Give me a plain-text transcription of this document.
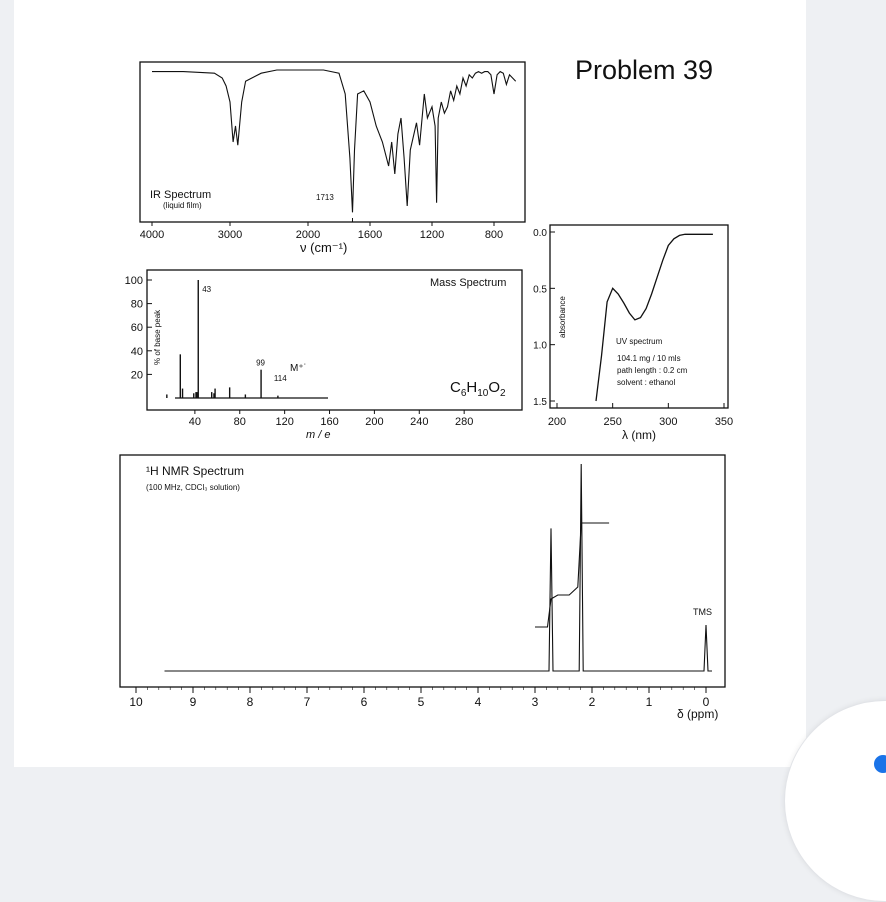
Problem 39
IR Spectrum
(liquid film)
1713
ν (cm⁻¹)
4000	3000	2000	1600	1200	800
Mass Spectrum
% of base peak
m / e
M⁺˙
$C_6H_{10}O_2$
40	80	120 160 200 240 280
20
40
60
80
100
43
99
114
absorbance
UV spectrum
104.1 mg / 10 mls
path length : 0.2 cm
solvent : ethanol
λ (nm)
200	250	300	350
0.0
0.5
1.0
1.5
¹H NMR Spectrum
(100 MHz, CDCl₃ solution)
TMS
δ (ppm)
10	9	8	7	6	5	4	3	2	1	0
